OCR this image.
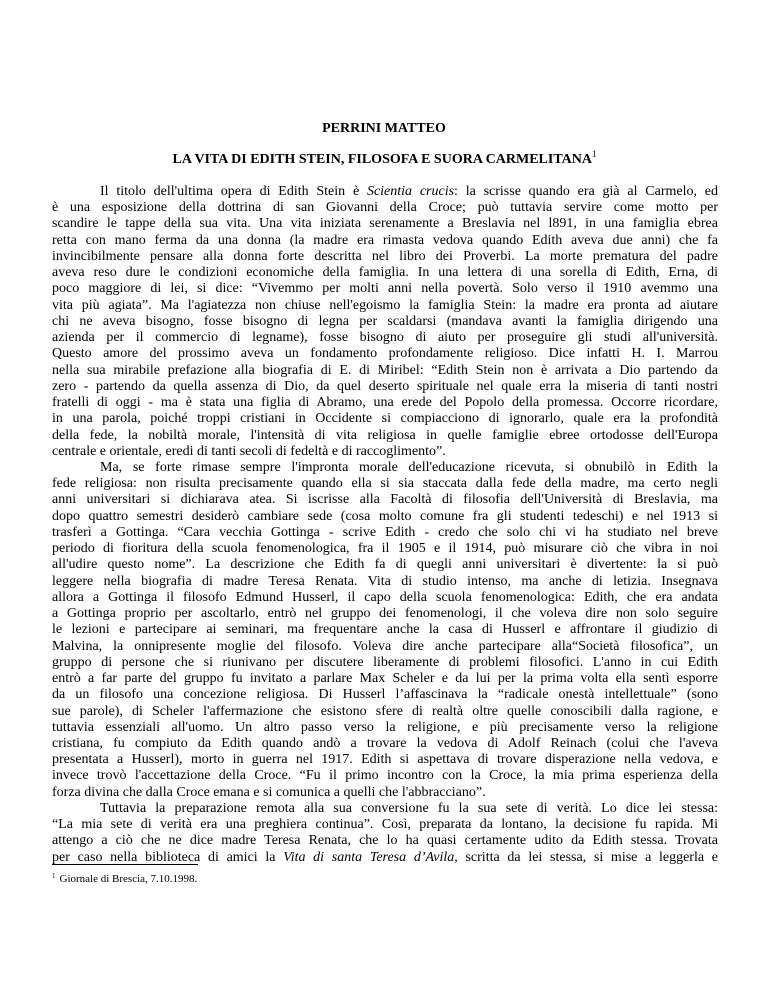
PERRINI MATTEO
LA VITA DI EDITH STEIN, FILOSOFA E SUORA CARMELITANA$^1$
Il titolo dell'ultima opera di Edith Stein è Scientia crucis: la scrisse quando era già al Carmelo, ed
è una esposizione della dottrina di san Giovanni della Croce; può tuttavia servire come motto per
scandire le tappe della sua vita. Una vita iniziata serenamente a Breslavia nel l891, in una famiglia ebrea
retta con mano ferma da una donna (la madre era rimasta vedova quando Edith aveva due anni) che fa
invincibilmente pensare alla donna forte descritta nel libro dei Proverbi. La morte prematura del padre
aveva reso dure le condizioni economiche della famiglia. In una lettera di una sorella di Edith, Erna, di
poco maggiore di lei, si dice: “Vivemmo per molti anni nella povertà. Solo verso il 1910 avemmo una
vita più agiata”. Ma l'agiatezza non chiuse nell'egoismo la famiglia Stein: la madre era pronta ad aiutare
chi ne aveva bisogno, fosse bisogno di legna per scaldarsi (mandava avanti la famiglia dirigendo una
azienda per il commercio di legname), fosse bisogno di aiuto per proseguire gli studi all'università.
Questo amore del prossimo aveva un fondamento profondamente religioso. Dice infatti H. I. Marrou
nella sua mirabile prefazione alla biografia di E. di Miribel: “Edith Stein non è arrivata a Dio partendo da
zero - partendo da quella assenza di Dio, da quel deserto spirituale nel quale erra la miseria di tanti nostri
fratelli di oggi - ma è stata una figlia di Abramo, una erede del Popolo della promessa. Occorre ricordare,
in una parola, poiché troppi cristiani in Occidente si compiacciono di ignorarlo, quale era la profondità
della fede, la nobiltà morale, l'intensità di vita religiosa in quelle famiglie ebree ortodosse dell'Europa
centrale e orientale, eredi di tanti secoli di fedeltà e di raccoglimento”.
Ma, se forte rimase sempre l'impronta morale dell'educazione ricevuta, si obnubilò in Edith la
fede religiosa: non risulta precisamente quando ella si sia staccata dalla fede della madre, ma certo negli
anni universitari si dichiarava atea. Si iscrisse alla Facoltà di filosofia dell'Università di Breslavia, ma
dopo quattro semestri desiderò cambiare sede (cosa molto comune fra gli studenti tedeschi) e nel 1913 si
trasferì a Gottinga. “Cara vecchia Gottinga - scrive Edith - credo che solo chi vi ha studiato nel breve
periodo di fioritura della scuola fenomenologica, fra il 1905 e il 1914, può misurare ciò che vibra in noi
all'udire questo nome”. La descrizione che Edith fa di quegli anni universitari è divertente: la si può
leggere nella biografia di madre Teresa Renata. Vita di studio intenso, ma anche di letizia. Insegnava
allora a Gottinga il filosofo Edmund Husserl, il capo della scuola fenomenologica: Edith, che era andata
a Gottinga proprio per ascoltarlo, entrò nel gruppo dei fenomenologi, il che voleva dire non solo seguire
le lezioni e partecipare ai seminari, ma frequentare anche la casa di Husserl e affrontare il giudizio di
Malvina, la onnipresente moglie del filosofo. Voleva dire anche partecipare alla“Società filosofica”, un
gruppo di persone che si riunivano per discutere liberamente di problemi filosofici. L'anno in cui Edith
entrò a far parte del gruppo fu invitato a parlare Max Scheler e da lui per la prima volta ella sentì esporre
da un filosofo una concezione religiosa. Di Husserl l’affascinava la “radicale onestà intellettuale” (sono
sue parole), di Scheler l'affermazione che esistono sfere di realtà oltre quelle conoscibili dalla ragione, e
tuttavia essenziali all'uomo. Un altro passo verso la religione, e più precisamente verso la religione
cristiana, fu compiuto da Edith quando andò a trovare la vedova di Adolf Reinach (colui che l'aveva
presentata a Husserl), morto in guerra nel 1917. Edith si aspettava di trovare disperazione nella vedova, e
invece trovò l'accettazione della Croce. “Fu il primo incontro con la Croce, la mia prima esperienza della
forza divina che dalla Croce emana e si comunica a quelli che l'abbracciano”.
Tuttavia la preparazione remota alla sua conversione fu la sua sete di verità. Lo dice lei stessa:
“La mia sete di verità era una preghiera continua”. Così, preparata da lontano, la decisione fu rapida. Mi
attengo a ciò che ne dice madre Teresa Renata, che lo ha quasi certamente udito da Edith stessa. Trovata
per caso nella biblioteca di amici la Vita di santa Teresa d’Avila, scritta da lei stessa, si mise a leggerla e
$^1$ Giornale di Brescia, 7.10.1998.
